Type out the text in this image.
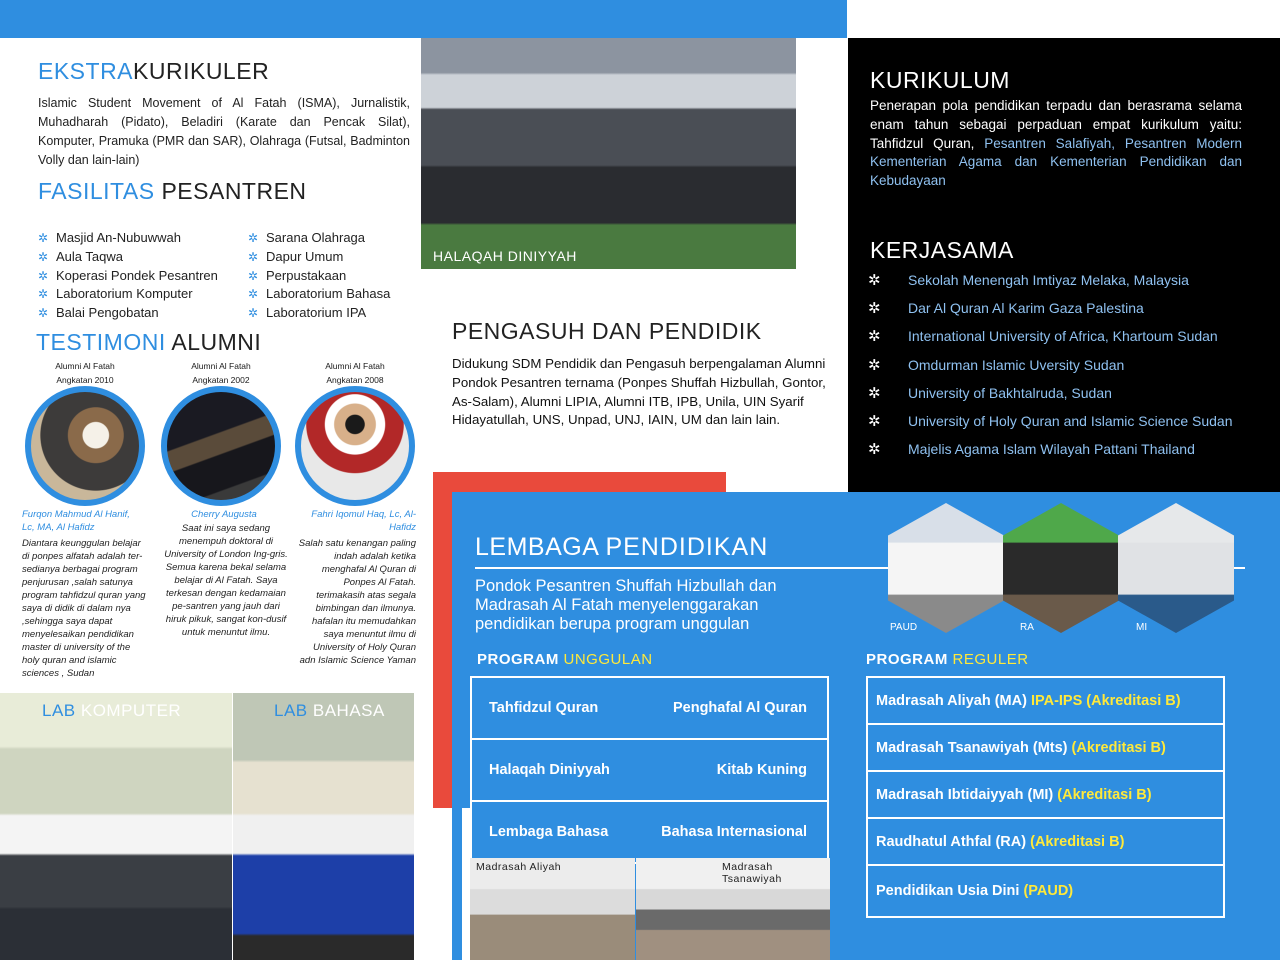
EKSTRAKURIKULER

Islamic Student Movement of Al Fatah (ISMA), Jurnalistik, Muhadharah (Pidato), Beladiri (Karate dan Pencak Silat), Komputer, Pramuka (PMR dan SAR), Olahraga (Futsal, Badminton Volly dan lain-lain)

FASILITAS PESANTREN
✲ Masjid An-Nubuwwah
✲ Aula Taqwa
✲ Koperasi Pondek Pesantren
✲ Laboratorium Komputer
✲ Balai Pengobatan
✲ Sarana Olahraga
✲ Dapur Umum
✲ Perpustakaan
✲ Laboratorium Bahasa
✲ Laboratorium IPA
TESTIMONI ALUMNI
Alumni Al Fatah
Angkatan 2010
Furqon Mahmud Al Hanif, Lc, MA, Al Hafidz
Diantara keunggulan belajar di ponpes alfatah adalah ter-sedianya berbagai program penjurusan ,salah satunya program tahfidzul quran yang saya di didik di dalam nya ,sehingga saya dapat menyelesaikan pendidikan master di university of the holy quran and islamic sciences , Sudan
Alumni Al Fatah
Angkatan 2002
Cherry Augusta
Saat ini saya sedang menempuh doktoral di University of London Ing-gris. Semua karena bekal selama belajar di Al Fatah. Saya terkesan dengan kedamaian pe-santren yang jauh dari hiruk pikuk, sangat kon-dusif untuk menuntut ilmu.
Alumni Al Fatah
Angkatan 2008
Fahri Iqomul Haq, Lc, Al-Hafidz
Salah satu kenangan paling indah adalah ketika menghafal Al Quran di Ponpes Al Fatah. terimakasih atas segala bimbingan dan ilmunya. hafalan itu memudahkan saya menuntut ilmu di University of Holy Quran adn Islamic Science Yaman
LAB KOMPUTER	LAB BAHASA
HALAQAH DINIYYAH
PENGASUH DAN PENDIDIK

Didukung SDM Pendidik dan Pengasuh berpengalaman Alumni Pondok Pesantren ternama (Ponpes Shuffah Hizbullah, Gontor, As-Salam), Alumni LIPIA, Alumni ITB, IPB, Unila, UIN Syarif Hidayatullah, UNS, Unpad, UNJ, IAIN, UM dan lain lain.

KURIKULUM

Penerapan pola pendidikan terpadu dan berasrama selama enam tahun sebagai perpaduan empat kurikulum yaitu: Tahfidzul Quran, Pesantren Salafiyah, Pesantren Modern Kementerian Agama dan Kementerian Pendidikan dan Kebudayaan

KERJASAMA
✲	Sekolah Menengah Imtiyaz Melaka, Malaysia
✲	Dar Al Quran Al Karim Gaza Palestina
✲	International University of Africa, Khartoum Sudan
✲	Omdurman Islamic Uversity Sudan
✲	University of Bakhtalruda, Sudan
✲	University of Holy Quran and Islamic Science Sudan
✲	Majelis Agama Islam Wilayah Pattani Thailand
LEMBAGA PENDIDIKAN

Pondok Pesantren Shuffah Hizbullah dan Madrasah Al Fatah menyelenggarakan pendidikan berupa program unggulan	PAUD	RA	MI
PROGRAM UNGGULAN
Tahfidzul Quran	Penghafal Al Quran
Halaqah Diniyyah	Kitab Kuning
Lembaga Bahasa	Bahasa Internasional
Madrasah Aliyah	Madrasah Tsanawiyah
PROGRAM REGULER
Madrasah Aliyah (MA) IPA-IPS (Akreditasi B)
Madrasah Tsanawiyah (Mts) (Akreditasi B)
Madrasah Ibtidaiyyah (MI) (Akreditasi B)
Raudhatul Athfal (RA) (Akreditasi B)
Pendidikan Usia Dini (PAUD)
